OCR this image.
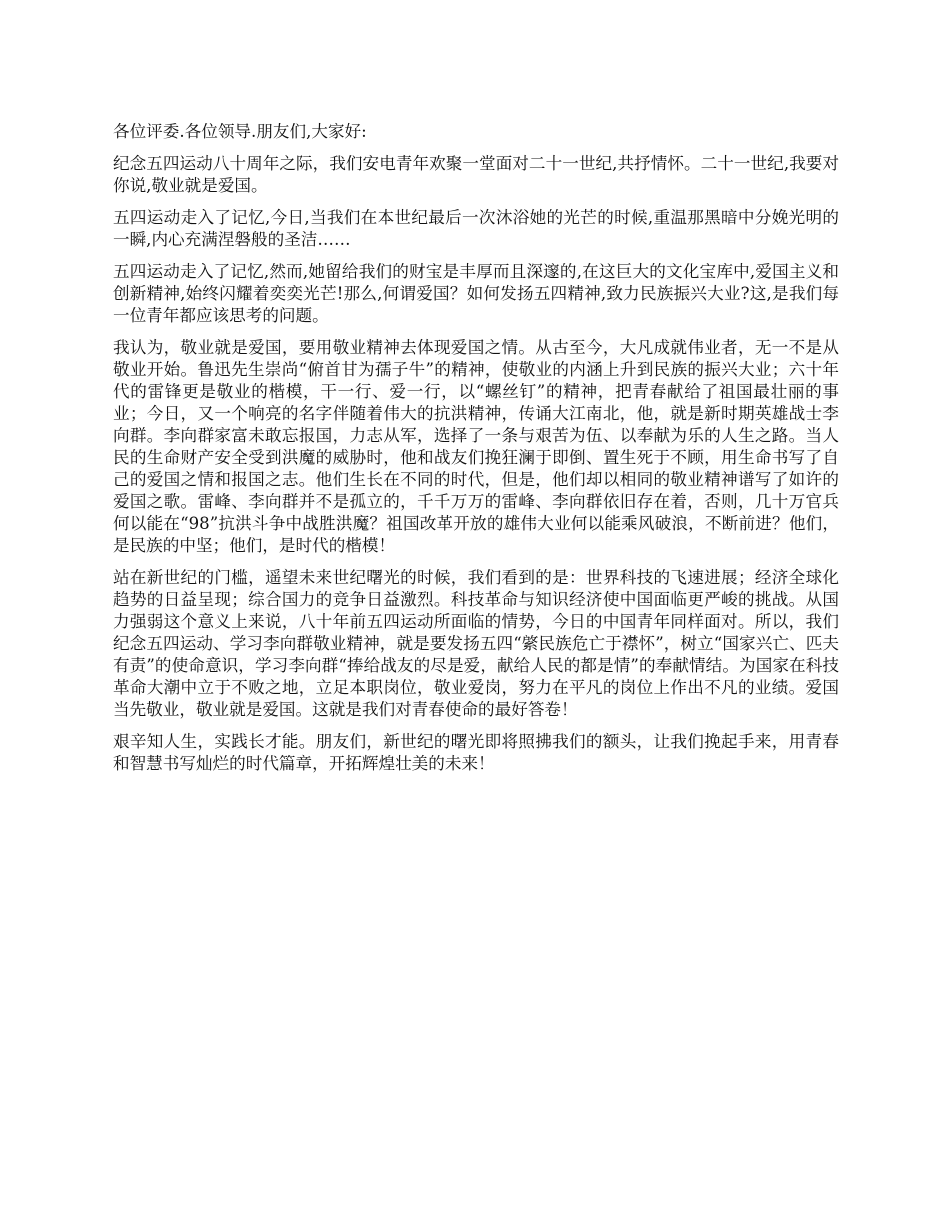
各位评委.各位领导.朋友们,大家好:

纪念五四运动八十周年之际，我们安电青年欢聚一堂面对二十一世纪,共抒情怀。二十一世纪,我要对你说,敬业就是爱国。

五四运动走入了记忆,今日,当我们在本世纪最后一次沐浴她的光芒的时候,重温那黑暗中分娩光明的一瞬,内心充满涅磐般的圣洁……

五四运动走入了记忆,然而,她留给我们的财宝是丰厚而且深邃的,在这巨大的文化宝库中,爱国主义和创新精神,始终闪耀着奕奕光芒!那么,何谓爱国？如何发扬五四精神,致力民族振兴大业?这,是我们每一位青年都应该思考的问题。

我认为，敬业就是爱国，要用敬业精神去体现爱国之情。从古至今，大凡成就伟业者，无一不是从敬业开始。鲁迅先生崇尚“俯首甘为孺子牛”的精神，使敬业的内涵上升到民族的振兴大业；六十年代的雷锋更是敬业的楷模，干一行、爱一行，以“螺丝钉”的精神，把青春献给了祖国最壮丽的事业；今日，又一个响亮的名字伴随着伟大的抗洪精神，传诵大江南北，他，就是新时期英雄战士李向群。李向群家富未敢忘报国，力志从军，选择了一条与艰苦为伍、以奉献为乐的人生之路。当人民的生命财产安全受到洪魔的威胁时，他和战友们挽狂澜于即倒、置生死于不顾，用生命书写了自己的爱国之情和报国之志。他们生长在不同的时代，但是，他们却以相同的敬业精神谱写了如许的爱国之歌。雷峰、李向群并不是孤立的，千千万万的雷峰、李向群依旧存在着，否则，几十万官兵何以能在“98”抗洪斗争中战胜洪魔？祖国改革开放的雄伟大业何以能乘风破浪，不断前进？他们，是民族的中坚；他们，是时代的楷模！

站在新世纪的门槛，遥望未来世纪曙光的时候，我们看到的是：世界科技的飞速进展；经济全球化趋势的日益呈现；综合国力的竞争日益激烈。科技革命与知识经济使中国面临更严峻的挑战。从国力强弱这个意义上来说，八十年前五四运动所面临的情势，今日的中国青年同样面对。所以，我们纪念五四运动、学习李向群敬业精神，就是要发扬五四“綮民族危亡于襟怀”，树立“国家兴亡、匹夫有责”的使命意识，学习李向群“捧给战友的尽是爱，献给人民的都是情”的奉献情结。为国家在科技革命大潮中立于不败之地，立足本职岗位，敬业爱岗，努力在平凡的岗位上作出不凡的业绩。爱国当先敬业，敬业就是爱国。这就是我们对青春使命的最好答卷！

艰辛知人生，实践长才能。朋友们，新世纪的曙光即将照拂我们的额头，让我们挽起手来，用青春和智慧书写灿烂的时代篇章，开拓辉煌壮美的未来！
